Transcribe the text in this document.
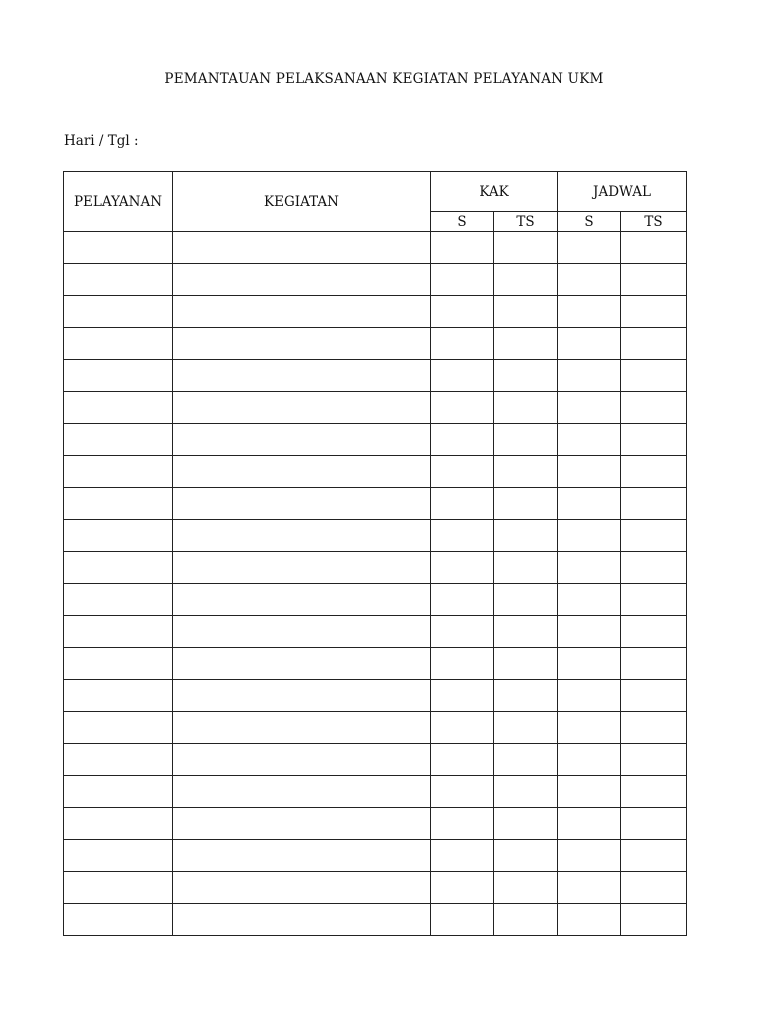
PEMANTAUAN PELAKSANAAN KEGIATAN PELAYANAN UKM
Hari / Tgl :
PELAYANAN	KEGIATAN	KAK		JADWAL	
		S	TS	S	TS
